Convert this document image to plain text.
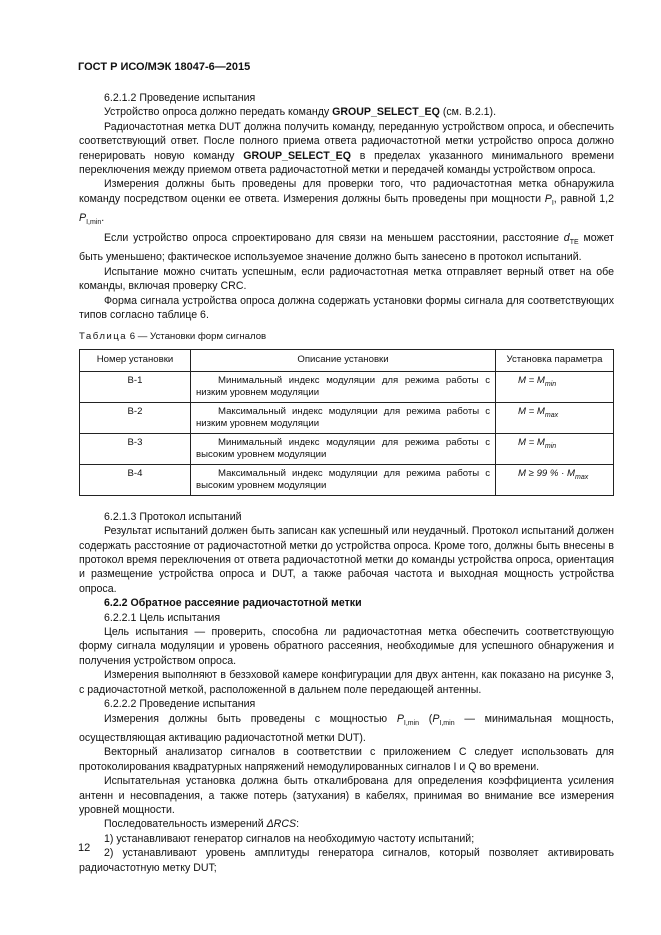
ГОСТ Р ИСО/МЭК 18047-6—2015

6.2.1.2 Проведение испытания

Устройство опроса должно передать команду GROUP_SELECT_EQ (см. В.2.1).

Радиочастотная метка DUT должна получить команду, переданную устройством опроса, и обеспечить соответствующий ответ. После полного приема ответа радиочастотной метки устройство опроса должно генерировать новую команду GROUP_SELECT_EQ в пределах указанного минимального времени переключения между приемом ответа радиочастотной метки и передачей команды устройством опроса.

Измерения должны быть проведены для проверки того, что радиочастотная метка обнаружила команду посредством оценки ее ответа. Измерения должны быть проведены при мощности $P_I$, равной 1,2 $P_{I,min}$.

Если устройство опроса спроектировано для связи на меньшем расстоянии, расстояние $d_{TE}$ может быть уменьшено; фактическое используемое значение должно быть занесено в протокол испытаний.

Испытание можно считать успешным, если радиочастотная метка отправляет верный ответ на обе команды, включая проверку CRC.

Форма сигнала устройства опроса должна содержать установки формы сигнала для соответствующих типов согласно таблице 6.

Таблица 6 — Установки форм сигналов

Номер установки	Описание установки	Установка параметра
В-1	Минимальный индекс модуляции для режима работы с низким уровнем модуляции	$M = M_{min}$
В-2	Максимальный индекс модуляции для режима работы с низким уровнем модуляции	$M = M_{max}$
В-3	Минимальный индекс модуляции для режима работы с высоким уровнем модуляции	$M = M_{min}$
В-4	Максимальный индекс модуляции для режима работы с высоким уровнем модуляции	M ≥ 99 % · $M_{max}$

6.2.1.3 Протокол испытаний

Результат испытаний должен быть записан как успешный или неудачный. Протокол испытаний должен содержать расстояние от радиочастотной метки до устройства опроса. Кроме того, должны быть внесены в протокол время переключения от ответа радиочастотной метки до команды устройства опроса, ориентация и размещение устройства опроса и DUT, а также рабочая частота и выходная мощность устройства опроса.

6.2.2 Обратное рассеяние радиочастотной метки

6.2.2.1 Цель испытания

Цель испытания — проверить, способна ли радиочастотная метка обеспечить соответствующую форму сигнала модуляции и уровень обратного рассеяния, необходимые для успешного обнаружения и получения устройством опроса.

Измерения выполняют в безэховой камере конфигурации для двух антенн, как показано на рисунке 3, с радиочастотной меткой, расположенной в дальнем поле передающей антенны.

6.2.2.2 Проведение испытания

Измерения должны быть проведены с мощностью $P_{I,min}$ ($P_{I,min}$ — минимальная мощность, осуществляющая активацию радиочастотной метки DUT).

Векторный анализатор сигналов в соответствии с приложением С следует использовать для протоколирования квадратурных напряжений немодулированных сигналов I и Q во времени.

Испытательная установка должна быть откалибрована для определения коэффициента усиления антенн и несовпадения, а также потерь (затухания) в кабелях, принимая во внимание все измерения уровней мощности.

Последовательность измерений ΔRCS:

1) устанавливают генератор сигналов на необходимую частоту испытаний;

2) устанавливают уровень амплитуды генератора сигналов, который позволяет активировать радиочастотную метку DUT;

12
